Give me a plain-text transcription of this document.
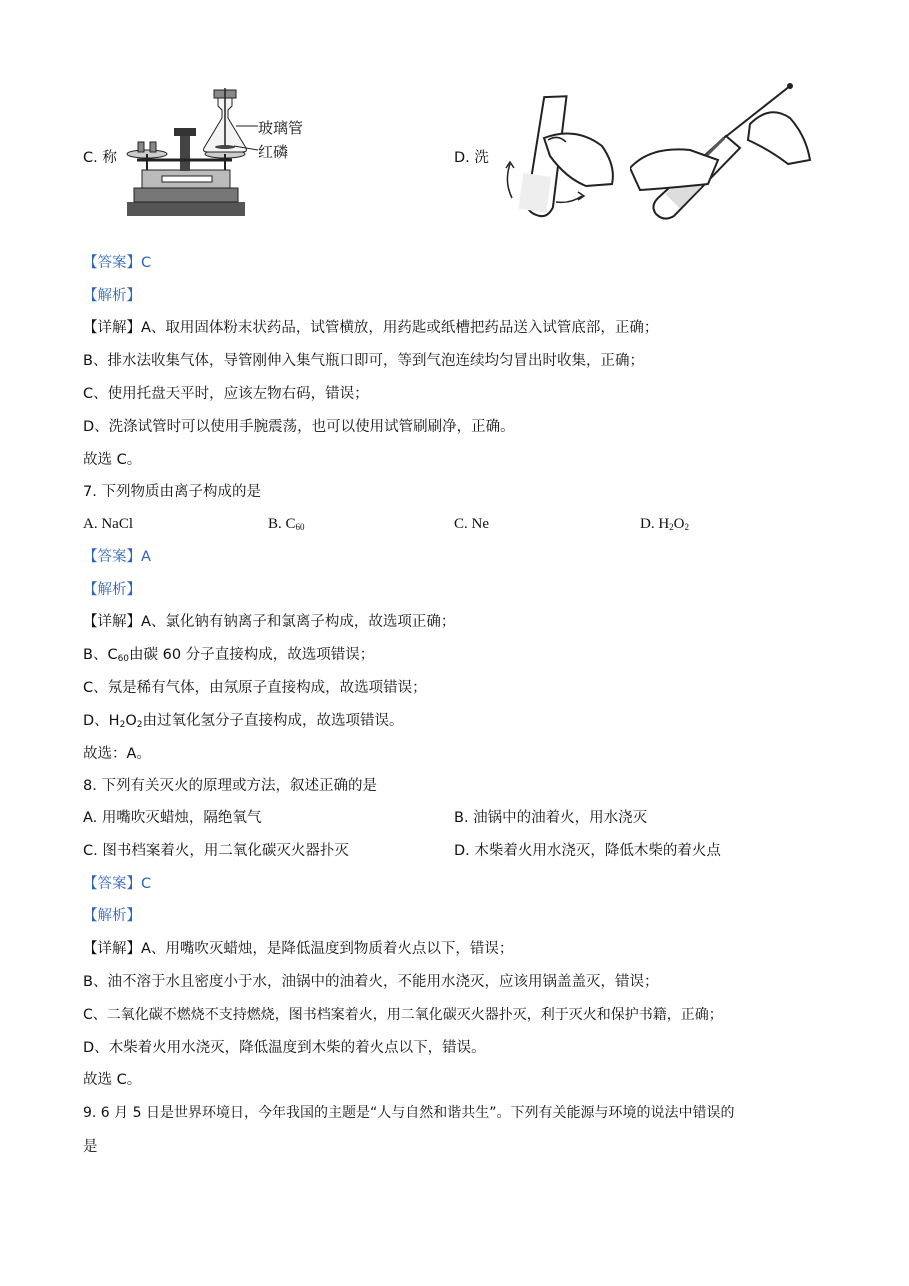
C. 称
玻璃管
红磷	D. 洗
【答案】C
【解析】
【详解】A、取用固体粉末状药品，试管横放，用药匙或纸槽把药品送入试管底部，正确；
B、排水法收集气体，导管刚伸入集气瓶口即可，等到气泡连续均匀冒出时收集，正确；
C、使用托盘天平时，应该左物右码，错误；
D、洗涤试管时可以使用手腕震荡，也可以使用试管刷刷净，正确。
故选 C。
7. 下列物质由离子构成的是
A. NaCl	B. $C_{60}$	C. Ne	D. $H_2O_2$
【答案】A
【解析】
【详解】A、氯化钠有钠离子和氯离子构成，故选项正确；
B、$C_{60}$由碳 60 分子直接构成，故选项错误；
C、氖是稀有气体，由氖原子直接构成，故选项错误；
D、$H_2O_2$由过氧化氢分子直接构成，故选项错误。
故选：A。
8. 下列有关灭火的原理或方法，叙述正确的是
A. 用嘴吹灭蜡烛，隔绝氧气	B. 油锅中的油着火，用水浇灭
C. 图书档案着火，用二氧化碳灭火器扑灭	D. 木柴着火用水浇灭，降低木柴的着火点
【答案】C
【解析】
【详解】A、用嘴吹灭蜡烛，是降低温度到物质着火点以下，错误；
B、油不溶于水且密度小于水，油锅中的油着火，不能用水浇灭，应该用锅盖盖灭，错误；
C、二氧化碳不燃烧不支持燃烧，图书档案着火，用二氧化碳灭火器扑灭，利于灭火和保护书籍，正确；
D、木柴着火用水浇灭，降低温度到木柴的着火点以下，错误。
故选 C。
9. 6 月 5 日是世界环境日，今年我国的主题是“人与自然和谐共生”。下列有关能源与环境的说法中错误的
是
